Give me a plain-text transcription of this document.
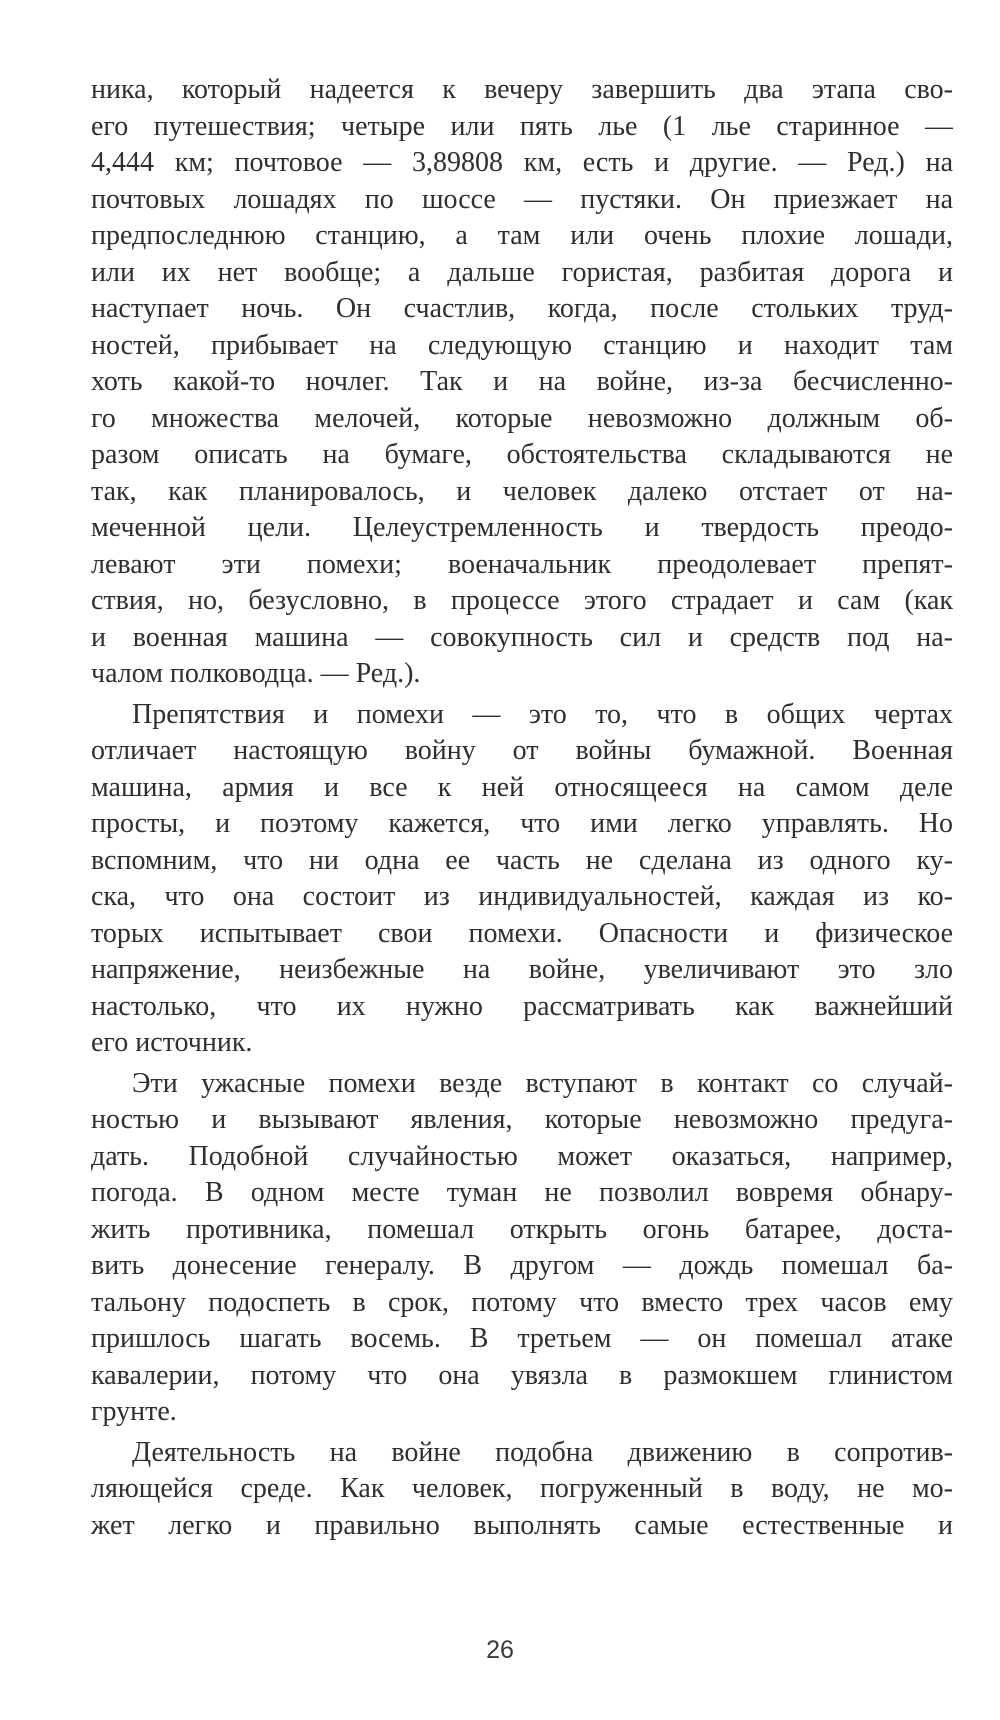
ника, который надеется к вечеру завершить два этапа сво-
его путешествия; четыре или пять лье (1 лье старинное —
4,444 км; почтовое — 3,89808 км, есть и другие. — Ред.) на
почтовых лошадях по шоссе — пустяки. Он приезжает на
предпоследнюю станцию, а там или очень плохие лошади,
или их нет вообще; а дальше гористая, разбитая дорога и
наступает ночь. Он счастлив, когда, после стольких труд-
ностей, прибывает на следующую станцию и находит там
хоть какой-то ночлег. Так и на войне, из-за бесчисленно-
го множества мелочей, которые невозможно должным об-
разом описать на бумаге, обстоятельства складываются не
так, как планировалось, и человек далеко отстает от на-
меченной цели. Целеустремленность и твердость преодо-
левают эти помехи; военачальник преодолевает препят-
ствия, но, безусловно, в процессе этого страдает и сам (как
и военная машина — совокупность сил и средств под на-
чалом полководца. — Ред.).
Препятствия и помехи — это то, что в общих чертах
отличает настоящую войну от войны бумажной. Военная
машина, армия и все к ней относящееся на самом деле
просты, и поэтому кажется, что ими легко управлять. Но
вспомним, что ни одна ее часть не сделана из одного ку-
ска, что она состоит из индивидуальностей, каждая из ко-
торых испытывает свои помехи. Опасности и физическое
напряжение, неизбежные на войне, увеличивают это зло
настолько, что их нужно рассматривать как важнейший
его источник.
Эти ужасные помехи везде вступают в контакт со случай-
ностью и вызывают явления, которые невозможно предуга-
дать. Подобной случайностью может оказаться, например,
погода. В одном месте туман не позволил вовремя обнару-
жить противника, помешал открыть огонь батарее, доста-
вить донесение генералу. В другом — дождь помешал ба-
тальону подоспеть в срок, потому что вместо трех часов ему
пришлось шагать восемь. В третьем — он помешал атаке
кавалерии, потому что она увязла в размокшем глинистом
грунте.
Деятельность на войне подобна движению в сопротив-
ляющейся среде. Как человек, погруженный в воду, не мо-
жет легко и правильно выполнять самые естественные и
26
